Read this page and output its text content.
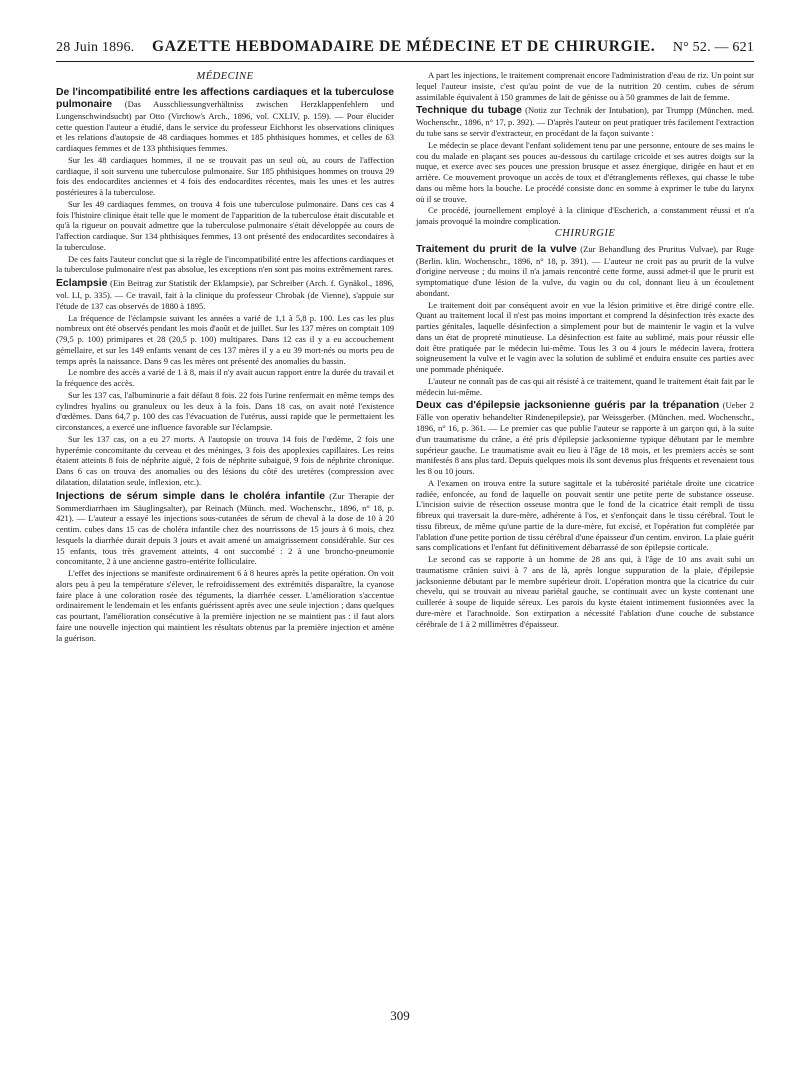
28 Juin 1896. GAZETTE HEBDOMADAIRE DE MÉDECINE ET DE CHIRURGIE. N° 52. — 621
MÉDECINE

De l'incompatibilité entre les affections cardiaques et la tuberculose pulmonaire (Das Ausschliessungverhältniss zwischen Herzklappenfehlern und Lungenschwindsucht) par Otto (Virchow's Arch., 1896, vol. CXLIV, p. 159). — Pour élucider cette question l'auteur a étudié, dans le service du professeur Eichhorst les observations cliniques et les relations d'autopsie de 48 cardiaques hommes et 185 phthisiques hommes, et celles de 63 cardiaques femmes et de 133 phthisiques femmes.

Sur les 48 cardiaques hommes, il ne se trouvait pas un seul où, au cours de l'affection cardiaque, il soit survenu une tuberculose pulmonaire. Sur 185 phthisiques hommes on trouva 29 fois des endocardites anciennes et 4 fois des endocardites récentes, mais les unes et les autres postérieures à la tuberculose.

Sur les 49 cardiaques femmes, on trouva 4 fois une tuberculose pulmonaire. Dans ces cas 4 fois l'histoire clinique était telle que le moment de l'apparition de la tuberculose était discutable et qu'à la rigueur on pouvait admettre que la tuberculose pulmonaire s'était développée au cours de l'affection cardiaque. Sur 134 phthisiques femmes, 13 ont présenté des endocardites secondaires à la tuberculose.

De ces faits l'auteur conclut que si la règle de l'incompatibilité entre les affections cardiaques et la tuberculose pulmonaire n'est pas absolue, les exceptions n'en sont pas moins extrêmement rares.

Eclampsie (Ein Beitrag zur Statistik der Eklampsie), par Schreiber (Arch. f. Gynäkol., 1896, vol. LI, p. 335). — Ce travail, fait à la clinique du professeur Chrobak (de Vienne), s'appuie sur l'étude de 137 cas observés de 1880 à 1895.

La fréquence de l'éclampsie suivant les années a varié de 1,1 à 5,8 p. 100. Les cas les plus nombreux ont été observés pendant les mois d'août et de juillet. Sur les 137 mères on comptait 109 (79,5 p. 100) primipares et 28 (20,5 p. 100) multipares. Dans 12 cas il y a eu accouchement gémellaire, et sur les 149 enfants venant de ces 137 mères il y a eu 39 mort-nés ou morts peu de temps après la naissance. Dans 9 cas les mères ont présenté des anomalies du bassin.

Le nombre des accès a varié de 1 à 8, mais il n'y avait aucun rapport entre la durée du travail et la fréquence des accès.

Sur les 137 cas, l'albuminurie a fait défaut 8 fois. 22 fois l'urine renfermait en même temps des cylindres hyalins ou granuleux ou les deux à la fois. Dans 18 cas, on avait noté l'existence d'œdèmes. Dans 64,7 p. 100 des cas l'évacuation de l'utérus, aussi rapide que le permettaient les circonstances, a exercé une influence favorable sur l'éclampsie.

Sur les 137 cas, on a eu 27 morts. A l'autopsie on trouva 14 fois de l'œdème, 2 fois une hyperémie concomitante du cerveau et des méninges, 3 fois des apoplexies capillaires. Les reins étaient atteints 8 fois de néphrite aiguë, 2 fois de néphrite subaiguë, 9 fois de néphrite chronique. Dans 6 cas on trouva des anomalies ou des lésions du côté des uretères (compression avec dilatation, dilatation seule, inflexion, etc.).

Injections de sérum simple dans le choléra infantile (Zur Therapie der Sommerdiarrhaen im Säuglingsalter), par Reinach (Münch. med. Wochenschr., 1896, n° 18, p. 421). — L'auteur a essayé les injections sous-cutanées de sérum de cheval à la dose de 10 à 20 centim. cubes dans 15 cas de choléra infantile chez des nourrissons de 15 jours à 6 mois, chez lesquels la diarrhée durait depuis 3 jours et avait amené un amaigrissement considérable. Sur ces 15 enfants, tous très gravement atteints, 4 ont succombé : 2 à une broncho-pneumonie concomitante, 2 à une ancienne gastro-entérite folliculaire.

L'effet des injections se manifeste ordinairement 6 à 8 heures après la petite opération. On voit alors peu à peu la température s'élever, le refroidissement des extrémités disparaître, la cyanose faire place à une coloration rosée des téguments, la diarrhée cesser. L'amélioration s'accentue ordinairement le lendemain et les enfants guérissent après avec une seule injection ; dans quelques cas pourtant, l'amélioration consécutive à la première injection ne se maintient pas : il faut alors faire une nouvelle injection qui maintient les résultats obtenus par la première injection et amène la guérison.

A part les injections, le traitement comprenait encore l'administration d'eau de riz. Un point sur lequel l'auteur insiste, c'est qu'au point de vue de la nutrition 20 centim. cubes de sérum assimilable équivalent à 150 grammes de lait de génisse ou à 50 grammes de lait de femme.

Technique du tubage (Notiz zur Technik der Intubation), par Trumpp (München. med. Wochenschr., 1896, n° 17, p. 392). — D'après l'auteur on peut pratiquer très facilement l'extraction du tube sans se servir d'extracteur, en procédant de la façon suivante :

Le médecin se place devant l'enfant solidement tenu par une personne, entoure de ses mains le cou du malade en plaçant ses pouces au-dessous du cartilage cricoïde et ses autres doigts sur la nuque, et exerce avec ses pouces une pression brusque et assez énergique, dirigée en haut et en arrière. Ce mouvement provoque un accès de toux et d'étranglements réflexes, qui chasse le tube dans ou même hors la bouche. Le procédé consiste donc en somme à exprimer le tube du larynx où il se trouve.

Ce procédé, journellement employé à la clinique d'Escherich, a constamment réussi et n'a jamais provoqué la moindre complication.

CHIRURGIE

Traitement du prurit de la vulve (Zur Behandlung des Pruritus Vulvae), par Ruge (Berlin. klin. Wochenschr., 1896, n° 18, p. 391). — L'auteur ne croit pas au prurit de la vulve d'origine nerveuse ; du moins il n'a jamais rencontré cette forme, aussi admet-il que le prurit est symptomatique d'une lésion de la vulve, du vagin ou du col, donnant lieu à un écoulement abondant.

Le traitement doit par conséquent avoir en vue la lésion primitive et être dirigé contre elle. Quant au traitement local il n'est pas moins important et comprend la désinfection très exacte des parties génitales, laquelle désinfection a simplement pour but de maintenir le vagin et la vulve dans un état de propreté minutieuse. La désinfection est faite au sublimé, mais pour réussir elle doit être pratiquée par le médecin lui-même. Tous les 3 ou 4 jours le médecin lavera, frottera soigneusement la vulve et le vagin avec la solution de sublimé et enduira ensuite ces parties avec une pommade phéniquée.

L'auteur ne connaît pas de cas qui ait résisté à ce traitement, quand le traitement était fait par le médecin lui-même.

Deux cas d'épilepsie jacksonienne guéris par la trépanation (Ueber 2 Fälle von operativ behandelter Rindenepilepsie), par Weissgerber. (München. med. Wochenschr., 1896, n° 16, p. 361. — Le premier cas que publie l'auteur se rapporte à un garçon qui, à la suite d'un traumatisme du crâne, a été pris d'épilepsie jacksonienne typique débutant par le membre supérieur gauche. Le traumatisme avait eu lieu à l'âge de 18 mois, et les premiers accès se sont manifestés 8 ans plus tard. Depuis quelques mois ils sont devenus plus fréquents et revenaient tous les 8 ou 10 jours.

A l'examen on trouva entre la suture sagittale et la tubérosité pariétale droite une cicatrice radiée, enfoncée, au fond de laquelle on pouvait sentir une petite perte de substance osseuse. L'incision suivie de résection osseuse montra que le fond de la cicatrice était rempli de tissu fibreux qui traversait la dure-mère, adhérente à l'os, et s'enfonçait dans le tissu cérébral. Tout le tissu fibreux, de même qu'une partie de la dure-mère, fut excisé, et l'opération fut complétée par l'ablation d'une petite portion de tissu cérébral d'une épaisseur d'un centim. environ. La plaie guérit sans complications et l'enfant fut définitivement débarrassé de son épilepsie corticale.

Le second cas se rapporte à un homme de 28 ans qui, à l'âge de 10 ans avait subi un traumatisme crânien suivi à 7 ans de là, après longue suppuration de la plaie, d'épilepsie jacksonienne débutant par le membre supérieur droit. L'opération montra que la cicatrice du cuir chevelu, qui se trouvait au niveau pariétal gauche, se continuait avec un kyste contenant une cuillerée à soupe de liquide séreux. Les parois du kyste étaient intimement fusionnées avec la dure-mère et l'arachnoïde. Son extirpation a nécessité l'ablation d'une couche de substance cérébrale de 1 à 2 millimètres d'épaisseur.

309
